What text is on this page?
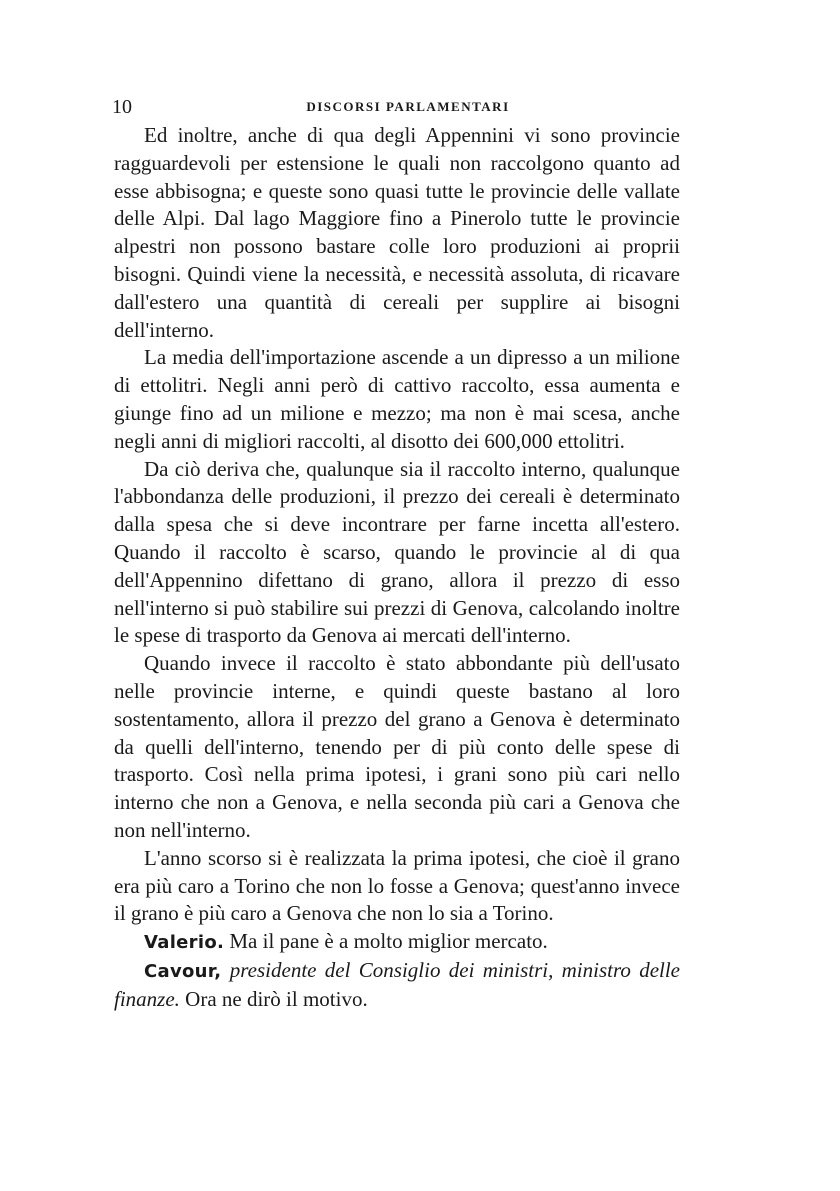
10	DISCORSI PARLAMENTARI

Ed inoltre, anche di qua degli Appennini vi sono provincie ragguardevoli per estensione le quali non raccolgono quanto ad esse abbisogna; e queste sono quasi tutte le provincie delle vallate delle Alpi. Dal lago Maggiore fino a Pinerolo tutte le provincie alpestri non possono bastare colle loro produzioni ai proprii bisogni. Quindi viene la necessità, e necessità assoluta, di ricavare dall'estero una quantità di cereali per supplire ai bisogni dell'interno.

La media dell'importazione ascende a un dipresso a un milione di ettolitri. Negli anni però di cattivo raccolto, essa aumenta e giunge fino ad un milione e mezzo; ma non è mai scesa, anche negli anni di migliori raccolti, al disotto dei 600,000 ettolitri.

Da ciò deriva che, qualunque sia il raccolto interno, qualunque l'abbondanza delle produzioni, il prezzo dei cereali è determinato dalla spesa che si deve incontrare per farne incetta all'estero. Quando il raccolto è scarso, quando le provincie al di qua dell'Appennino difettano di grano, allora il prezzo di esso nell'interno si può stabilire sui prezzi di Genova, calcolando inoltre le spese di trasporto da Genova ai mercati dell'interno.

Quando invece il raccolto è stato abbondante più dell'usato nelle provincie interne, e quindi queste bastano al loro sostentamento, allora il prezzo del grano a Genova è determinato da quelli dell'interno, tenendo per di più conto delle spese di trasporto. Così nella prima ipotesi, i grani sono più cari nello interno che non a Genova, e nella seconda più cari a Genova che non nell'interno.

L'anno scorso si è realizzata la prima ipotesi, che cioè il grano era più caro a Torino che non lo fosse a Genova; quest'anno invece il grano è più caro a Genova che non lo sia a Torino.

Valerio. Ma il pane è a molto miglior mercato.

Cavour, presidente del Consiglio dei ministri, ministro delle finanze. Ora ne dirò il motivo.
